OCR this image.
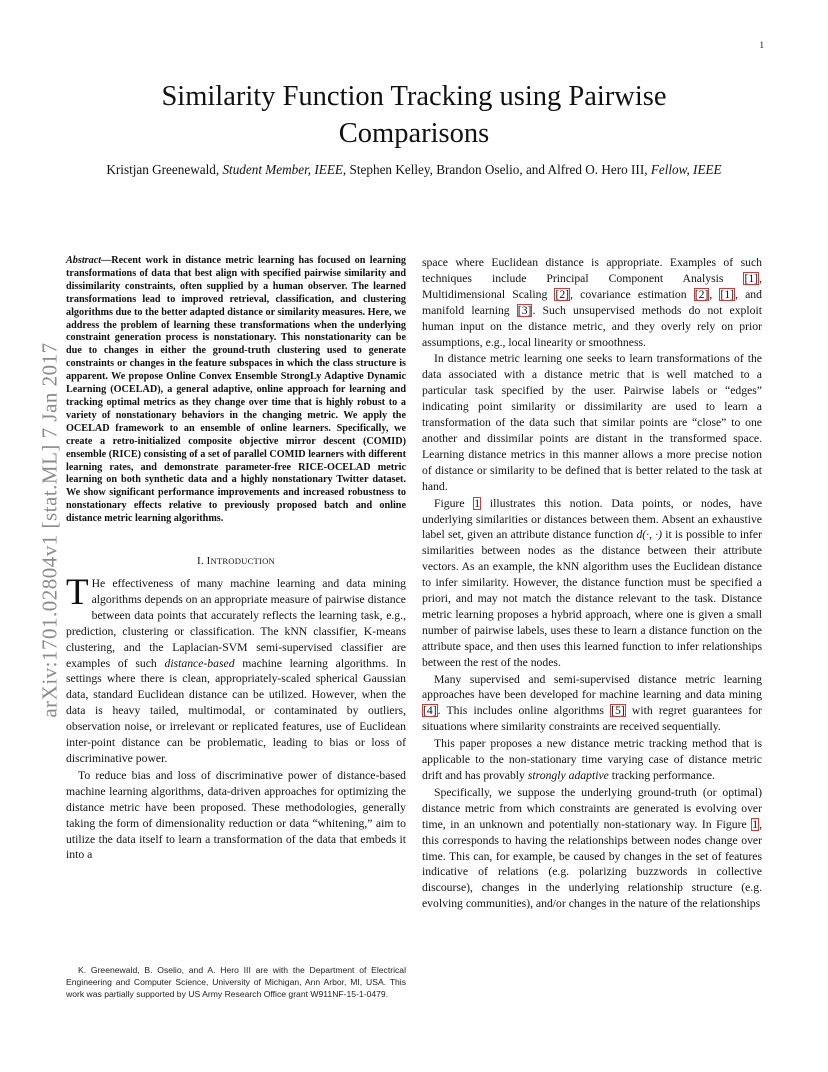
1
arXiv:1701.02804v1 [stat.ML] 7 Jan 2017
Similarity Function Tracking using Pairwise
Comparisons
Kristjan Greenewald, Student Member, IEEE, Stephen Kelley, Brandon Oselio, and Alfred O. Hero III, Fellow, IEEE
Abstract—Recent work in distance metric learning has focused on learning transformations of data that best align with specified pairwise similarity and dissimilarity constraints, often supplied by a human observer. The learned transformations lead to improved retrieval, classification, and clustering algorithms due to the better adapted distance or similarity measures. Here, we address the problem of learning these transformations when the underlying constraint generation process is nonstationary. This nonstationarity can be due to changes in either the ground-truth clustering used to generate constraints or changes in the feature subspaces in which the class structure is apparent. We propose Online Convex Ensemble StrongLy Adaptive Dynamic Learning (OCELAD), a general adaptive, online approach for learning and tracking optimal metrics as they change over time that is highly robust to a variety of nonstationary behaviors in the changing metric. We apply the OCELAD framework to an ensemble of online learners. Specifically, we create a retro-initialized composite objective mirror descent (COMID) ensemble (RICE) consisting of a set of parallel COMID learners with different learning rates, and demonstrate parameter-free RICE-OCELAD metric learning on both synthetic data and a highly nonstationary Twitter dataset. We show significant performance improvements and increased robustness to nonstationary effects relative to previously proposed batch and online distance metric learning algorithms.
I. INTRODUCTION

T He effectiveness of many machine learning and data mining algorithms depends on an appropriate measure of pairwise distance between data points that accurately reflects the learning task, e.g., prediction, clustering or classification. The kNN classifier, K-means clustering, and the Laplacian-SVM semi-supervised classifier are examples of such distance-based machine learning algorithms. In settings where there is clean, appropriately-scaled spherical Gaussian data, standard Euclidean distance can be utilized. However, when the data is heavy tailed, multimodal, or contaminated by outliers, observation noise, or irrelevant or replicated features, use of Euclidean inter-point distance can be problematic, leading to bias or loss of discriminative power.

To reduce bias and loss of discriminative power of distance-based machine learning algorithms, data-driven approaches for optimizing the distance metric have been proposed. These methodologies, generally taking the form of dimensionality reduction or data “whitening,” aim to utilize the data itself to learn a transformation of the data that embeds it into a

K. Greenewald, B. Oselio, and A. Hero III are with the Department of Electrical Engineering and Computer Science, University of Michigan, Ann Arbor, MI, USA. This work was partially supported by US Army Research Office grant W911NF-15-1-0479.

space where Euclidean distance is appropriate. Examples of such techniques include Principal Component Analysis [1], Multidimensional Scaling [2], covariance estimation [2], [1], and manifold learning [3]. Such unsupervised methods do not exploit human input on the distance metric, and they overly rely on prior assumptions, e.g., local linearity or smoothness.

In distance metric learning one seeks to learn transformations of the data associated with a distance metric that is well matched to a particular task specified by the user. Pairwise labels or “edges” indicating point similarity or dissimilarity are used to learn a transformation of the data such that similar points are “close” to one another and dissimilar points are distant in the transformed space. Learning distance metrics in this manner allows a more precise notion of distance or similarity to be defined that is better related to the task at hand.

Figure 1 illustrates this notion. Data points, or nodes, have underlying similarities or distances between them. Absent an exhaustive label set, given an attribute distance function d(·, ·) it is possible to infer similarities between nodes as the distance between their attribute vectors. As an example, the kNN algorithm uses the Euclidean distance to infer similarity. However, the distance function must be specified a priori, and may not match the distance relevant to the task. Distance metric learning proposes a hybrid approach, where one is given a small number of pairwise labels, uses these to learn a distance function on the attribute space, and then uses this learned function to infer relationships between the rest of the nodes.

Many supervised and semi-supervised distance metric learning approaches have been developed for machine learning and data mining [4]. This includes online algorithms [5] with regret guarantees for situations where similarity constraints are received sequentially.

This paper proposes a new distance metric tracking method that is applicable to the non-stationary time varying case of distance metric drift and has provably strongly adaptive tracking performance.

Specifically, we suppose the underlying ground-truth (or optimal) distance metric from which constraints are generated is evolving over time, in an unknown and potentially non-stationary way. In Figure 1, this corresponds to having the relationships between nodes change over time. This can, for example, be caused by changes in the set of features indicative of relations (e.g. polarizing buzzwords in collective discourse), changes in the underlying relationship structure (e.g. evolving communities), and/or changes in the nature of the relationships
